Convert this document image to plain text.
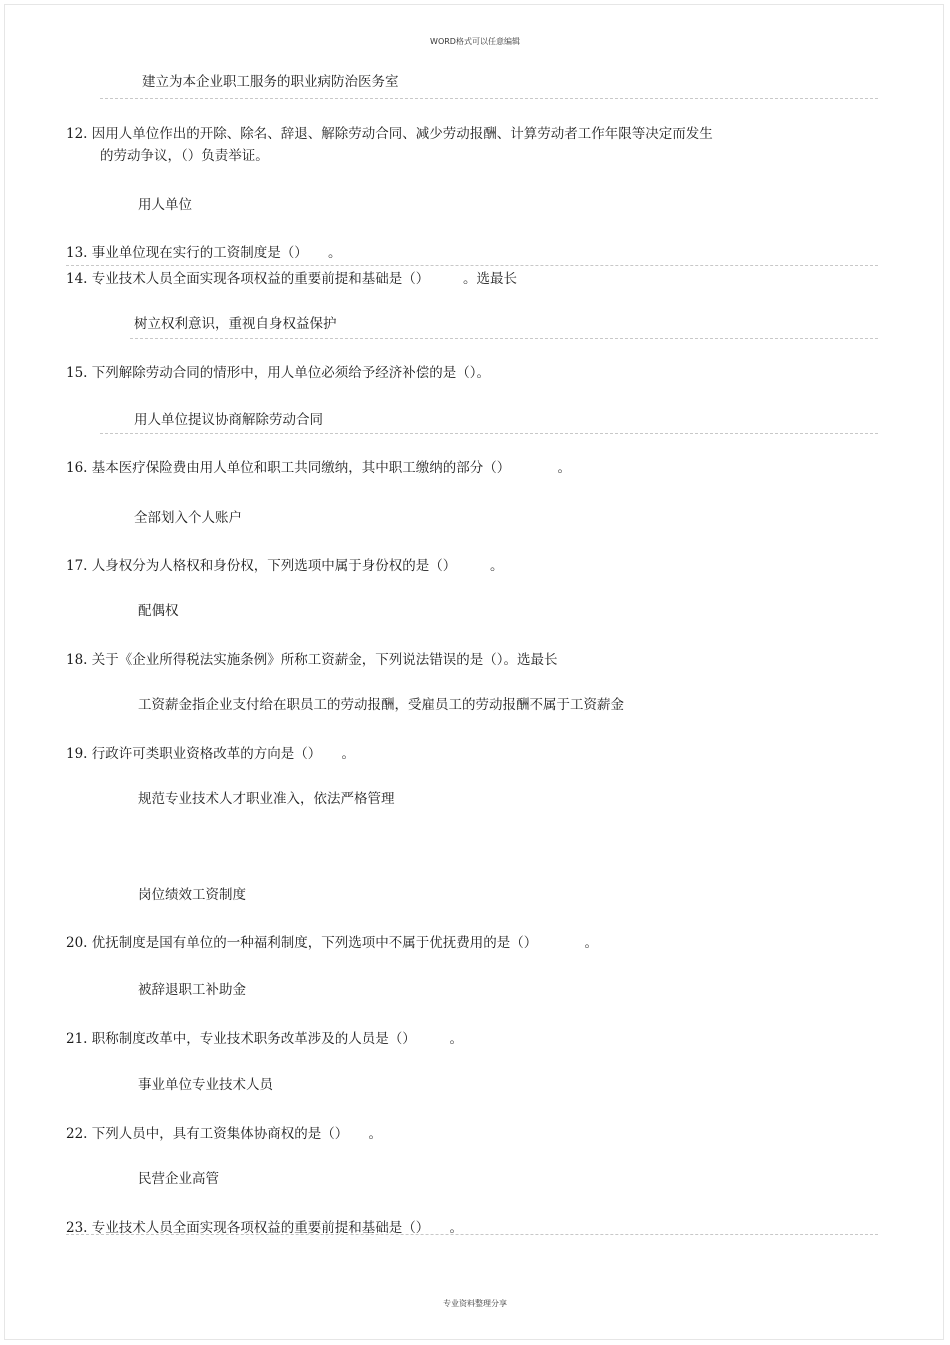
WORD格式可以任意编辑
建立为本企业职工服务的职业病防治医务室
12. 因用人单位作出的开除、除名、辞退、解除劳动合同、减少劳动报酬、计算劳动者工作年限等决定而发生
的劳动争议，（）负责举证。
用人单位
13. 事业单位现在实行的工资制度是（）　　。
14. 专业技术人员全面实现各项权益的重要前提和基础是（）　　　。选最长
树立权利意识，重视自身权益保护
15. 下列解除劳动合同的情形中，用人单位必须给予经济补偿的是（）。
用人单位提议协商解除劳动合同
16. 基本医疗保险费由用人单位和职工共同缴纳，其中职工缴纳的部分（）　　　　。
全部划入个人账户
17. 人身权分为人格权和身份权，下列选项中属于身份权的是（）　　　。
配偶权
18. 关于《企业所得税法实施条例》所称工资薪金，下列说法错误的是（）。选最长
工资薪金指企业支付给在职员工的劳动报酬，受雇员工的劳动报酬不属于工资薪金
19. 行政许可类职业资格改革的方向是（）　　。
规范专业技术人才职业准入，依法严格管理
岗位绩效工资制度
20. 优抚制度是国有单位的一种福利制度，下列选项中不属于优抚费用的是（）　　　　。
被辞退职工补助金
21. 职称制度改革中，专业技术职务改革涉及的人员是（）　　　。
事业单位专业技术人员
22. 下列人员中，具有工资集体协商权的是（）　　。
民营企业高管
23. 专业技术人员全面实现各项权益的重要前提和基础是（）　　。
专业资料整理分享
